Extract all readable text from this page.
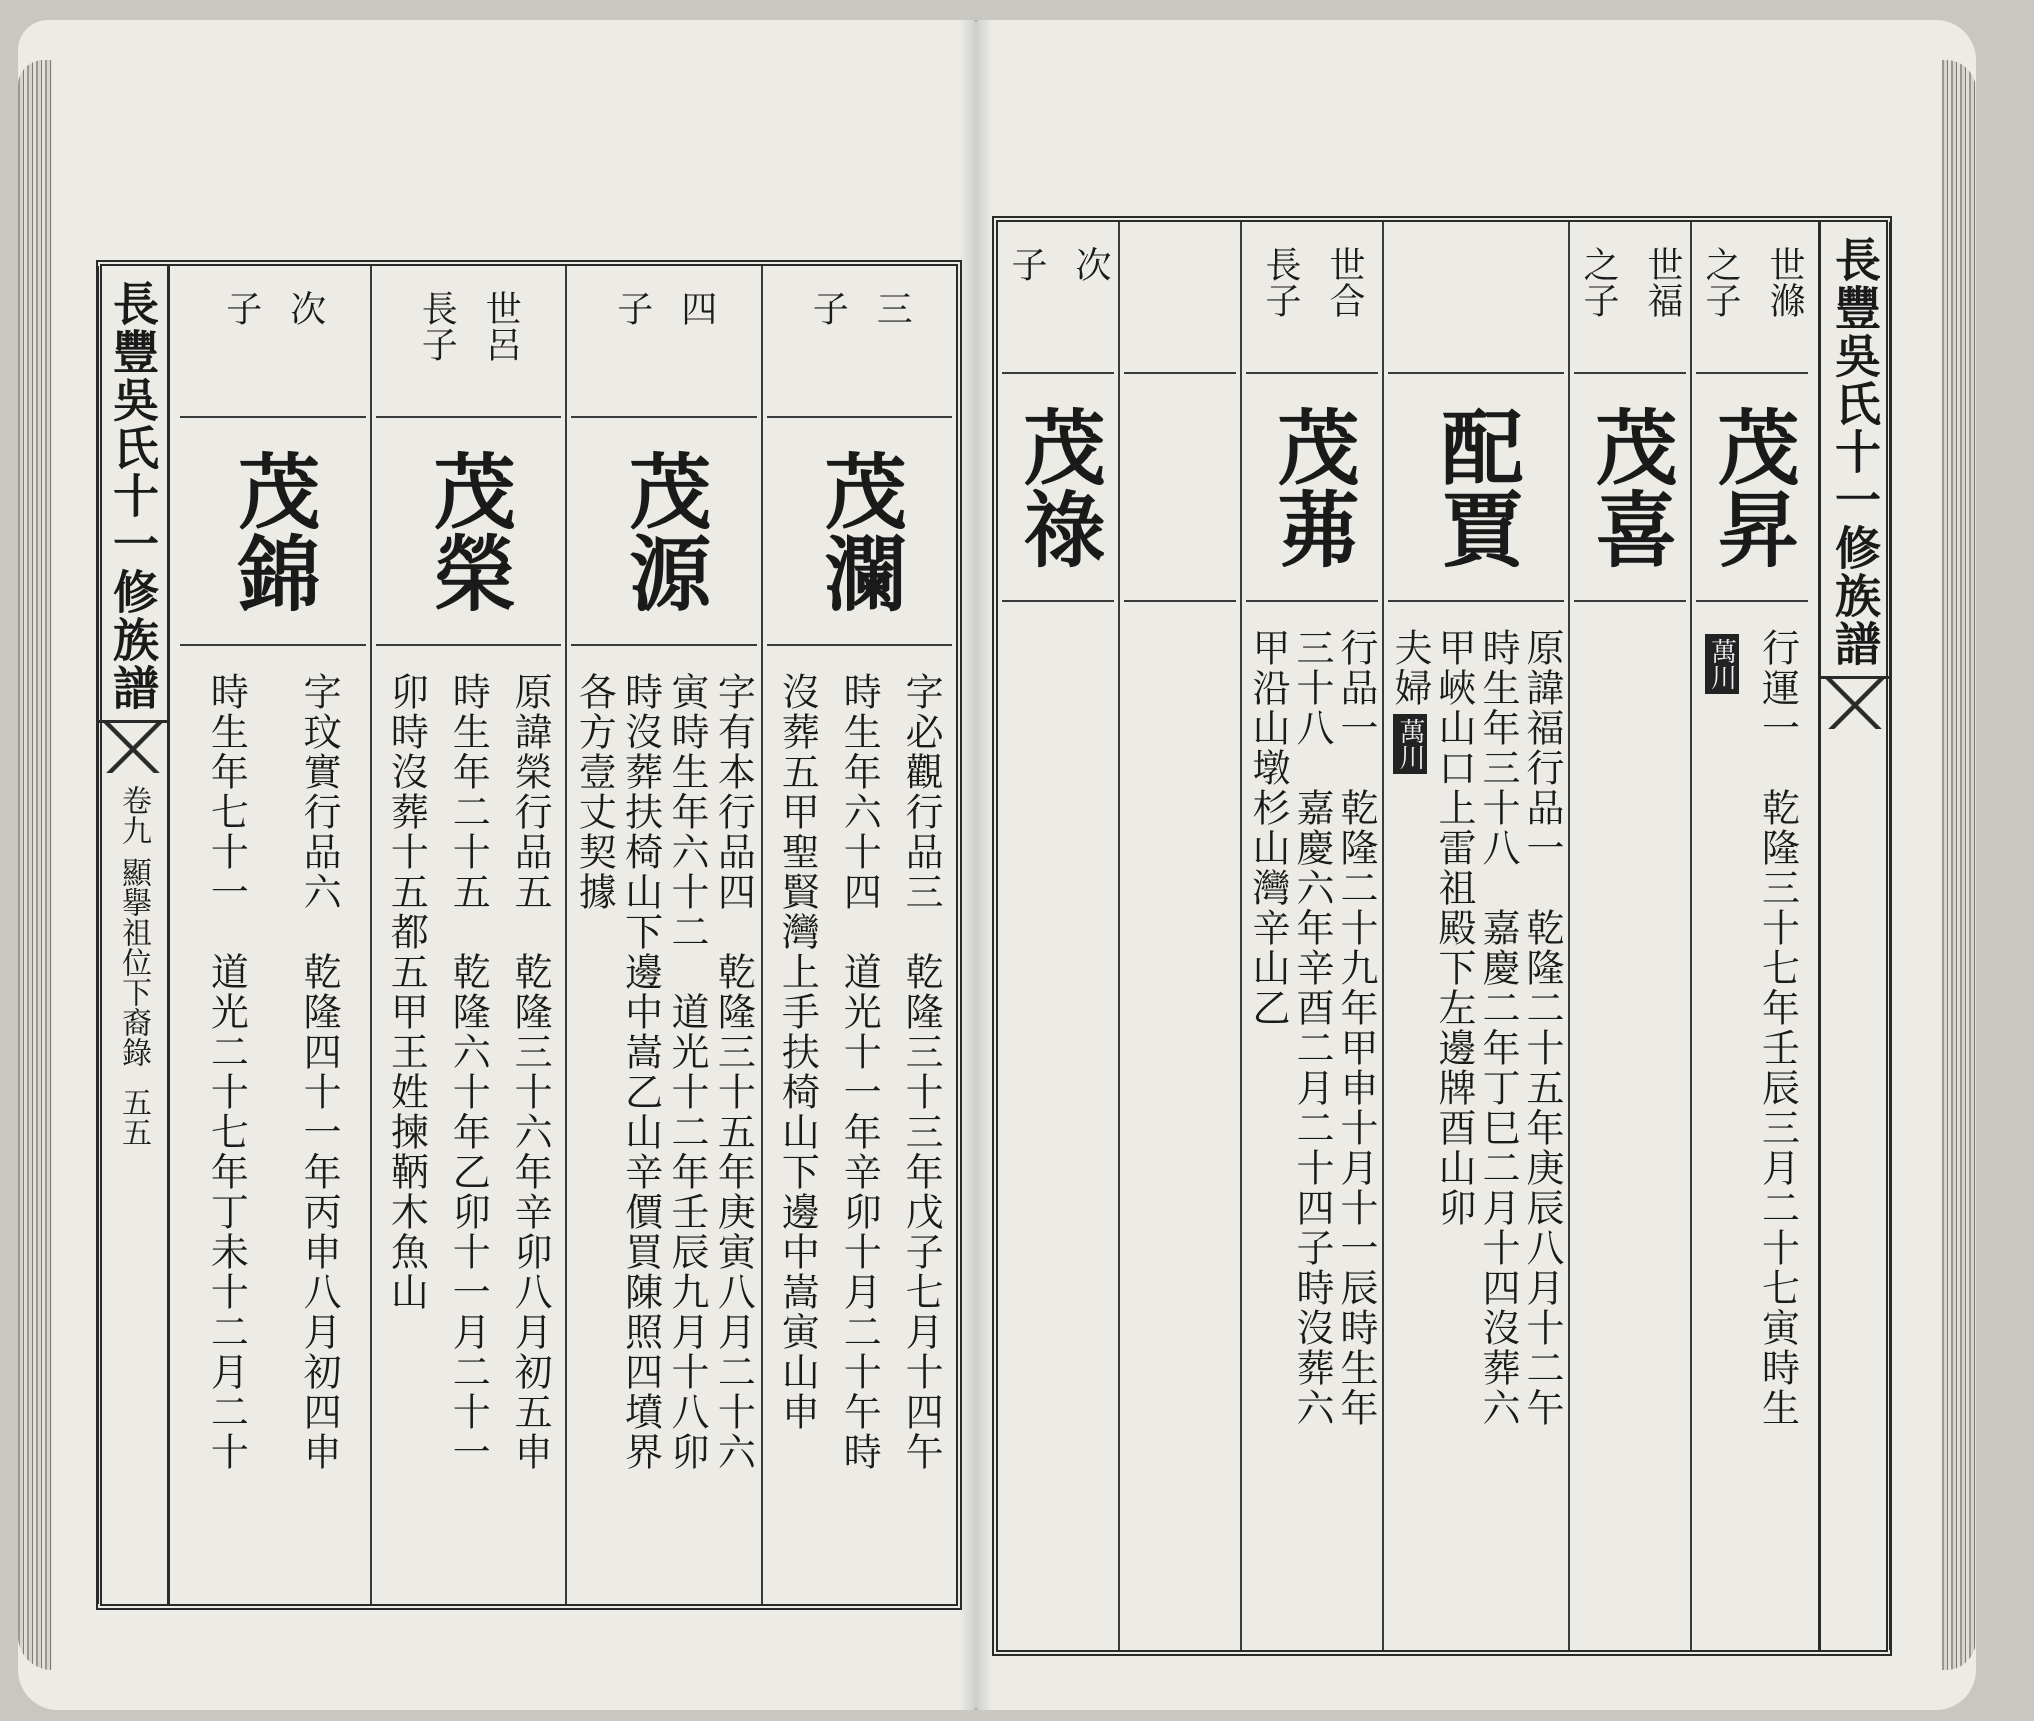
長豐吳氏十一修族譜
卷九
顯擧祖位下裔錄
五五
三
子
茂瀾
字必觀行品三　乾隆三十三年戊子七月十四午
時生年六十四　道光十一年辛卯十月二十午時
沒葬五甲聖賢灣上手扶椅山下邊中嵩寅山申
四
子
茂源
字有本行品四　乾隆三十五年庚寅八月二十六
寅時生年六十二　道光十二年壬辰九月十八卯
時沒葬扶椅山下邊中嵩乙山辛價買陳照四墳界
各方壹丈契據
世呂
長子
茂榮
原諱榮行品五　乾隆三十六年辛卯八月初五申
時生年二十五　乾隆六十年乙卯十一月二十一
卯時沒葬十五都五甲王姓揀鞆木魚山
次
子
茂錦
字玟實行品六　乾隆四十一年丙申八月初四申
時生年七十一　道光二十七年丁未十二月二十
長豐吳氏十一修族譜
世滌
之子
茂昇
行運一　乾隆三十七年壬辰三月二十七寅時生
萬川
世福
之子
茂喜
配賈
原諱福行品一　乾隆二十五年庚辰八月十二午
時生年三十八　嘉慶二年丁巳二月十四沒葬六
甲峽山口上雷祖殿下左邊牌酉山卯
夫婦萬川
世合
長子
茂茀
行品一　乾隆二十九年甲申十月十一辰時生年
三十八　嘉慶六年辛酉二月二十四子時沒葬六
甲沿山墩杉山灣辛山乙
次
子
茂祿
